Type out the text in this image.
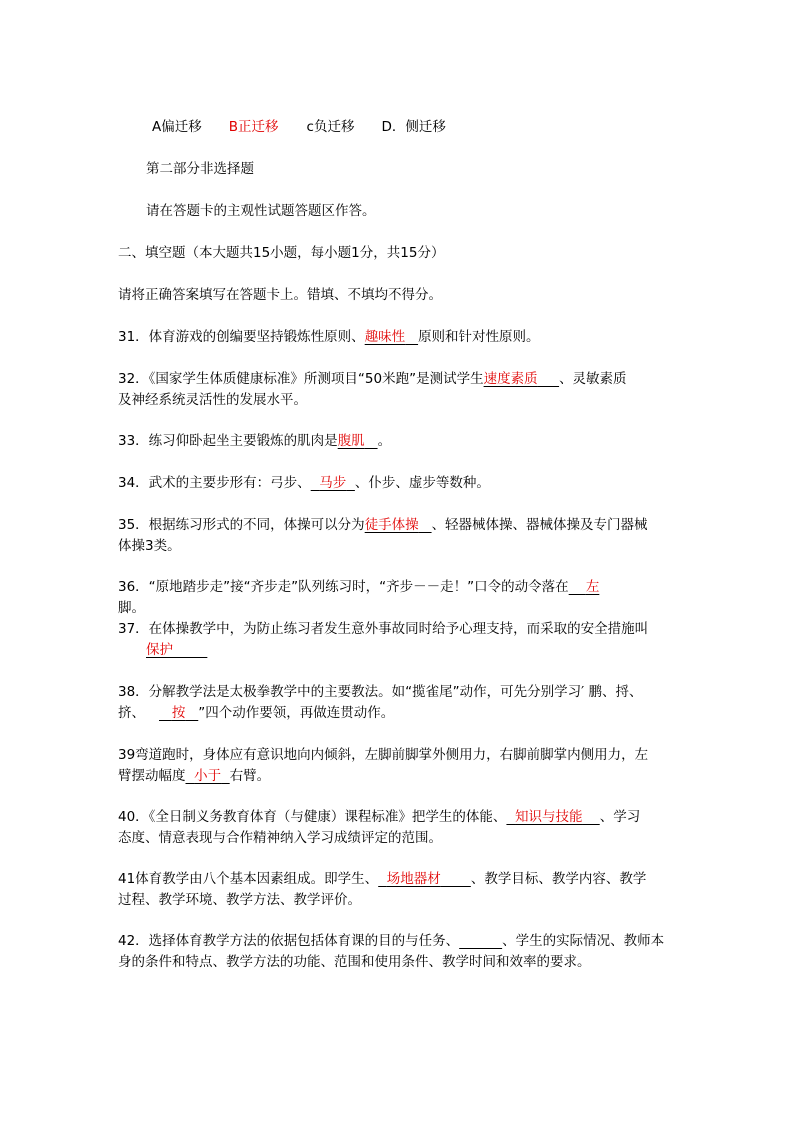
A偏迁移 B正迁移 c负迁移 D．侧迁移
第二部分非选择题
请在答题卡的主观性试题答题区作答。
二、填空题（本大题共15小题，每小题1分，共15分）
请将正确答案填写在答题卡上。错填、不填均不得分。
31．体育游戏的创编要坚持锻炼性原则、趣味性 原则和针对性原则。
32．《国家学生体质健康标准》所测项目“50米跑”是测试学生速度素质 、灵敏素质
及神经系统灵活性的发展水平。
33．练习仰卧起坐主要锻炼的肌肉是腹肌 。
34．武术的主要步形有：弓步、 马步 、仆步、虚步等数种。
35．根据练习形式的不同，体操可以分为徒手体操 、轻器械体操、器械体操及专门器械
体操3类。
36．“原地踏步走”接“齐步走”队列练习时，“齐步－－走！”口令的动令落在 左
脚。
37．在体操教学中，为防止练习者发生意外事故同时给予心理支持，而采取的安全措施叫
保护
38．分解教学法是太极拳教学中的主要教法。如“揽雀尾”动作，可先分别学习′ 鹏、捋、
挤、 按 ”四个动作要领，再做连贯动作。
39弯道跑时，身体应有意识地向内倾斜，左脚前脚掌外侧用力，右脚前脚掌内侧用力，左
臂摆动幅度 小于 右臂。
40．《全日制义务教育体育（与健康）课程标准》把学生的体能、 知识与技能 、学习
态度、情意表现与合作精神纳入学习成绩评定的范围。
41体育教学由八个基本因素组成。即学生、 场地器材 、教学目标、教学内容、教学
过程、教学环境、教学方法、教学评价。
42．选择体育教学方法的依据包括体育课的目的与任务、	、学生的实际情况、教师本
身的条件和特点、教学方法的功能、范围和使用条件、教学时间和效率的要求。
